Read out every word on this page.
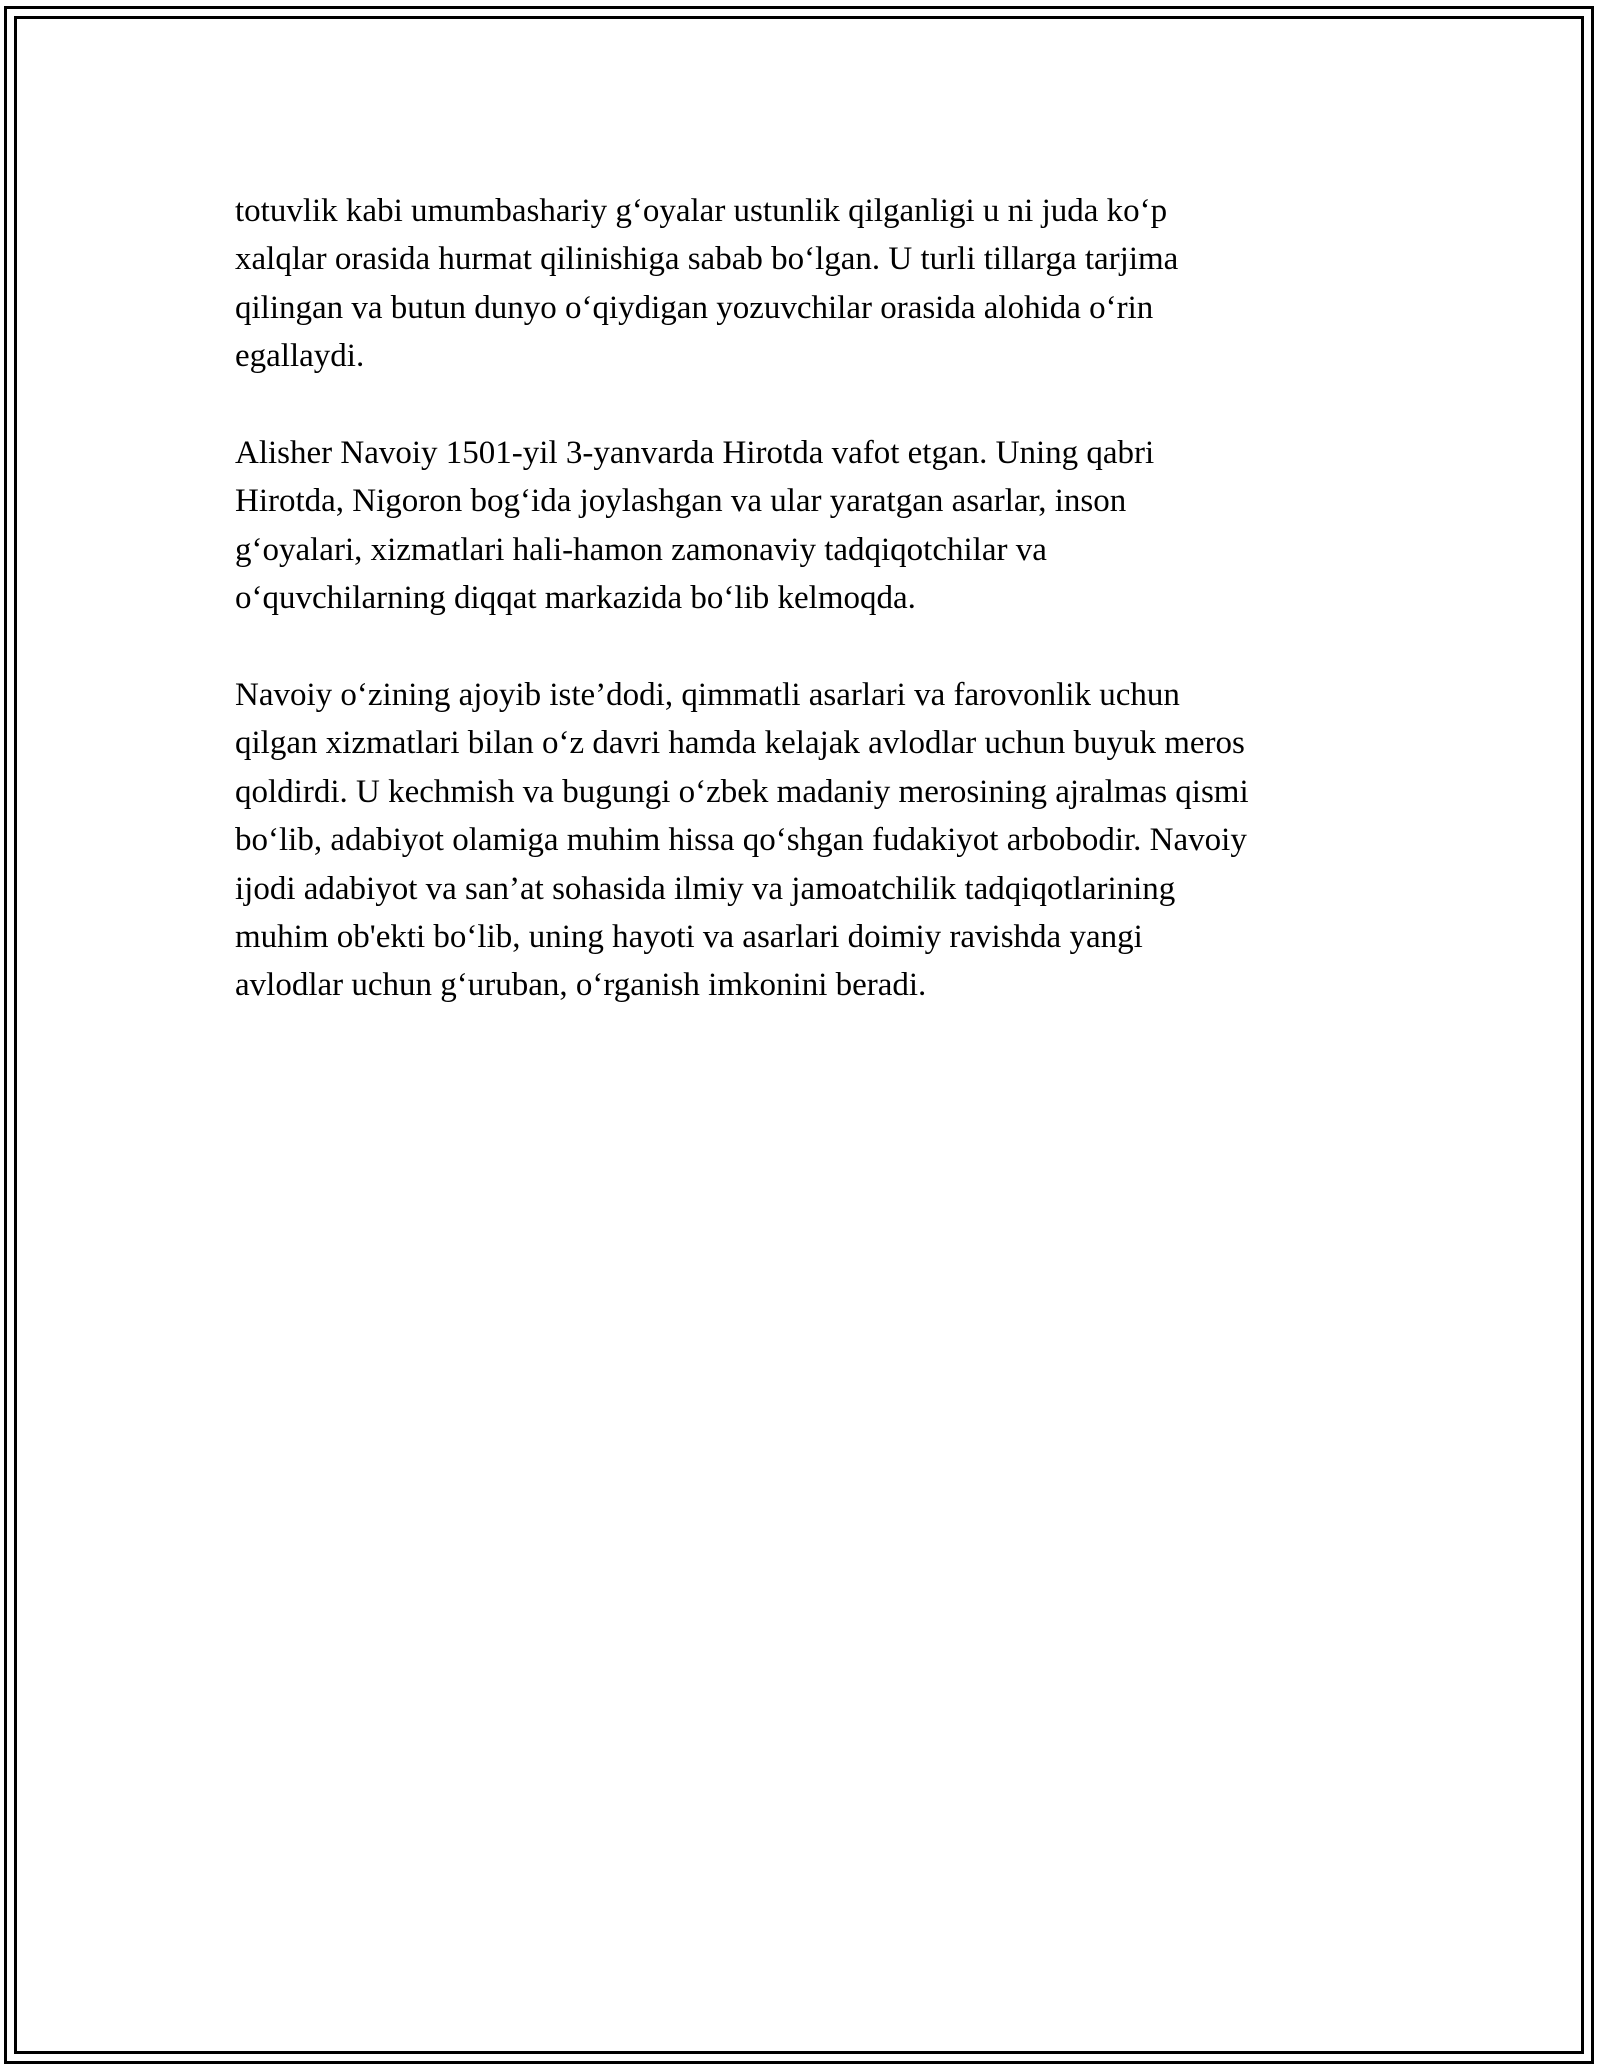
totuvlik kabi umumbashariy g‘oyalar ustunlik qilganligi u ni juda ko‘p
xalqlar orasida hurmat qilinishiga sabab bo‘lgan. U turli tillarga tarjima
qilingan va butun dunyo o‘qiydigan yozuvchilar orasida alohida o‘rin
egallaydi.

Alisher Navoiy 1501-yil 3-yanvarda Hirotda vafot etgan. Uning qabri
Hirotda, Nigoron bog‘ida joylashgan va ular yaratgan asarlar, inson
g‘oyalari, xizmatlari hali-hamon zamonaviy tadqiqotchilar va
o‘quvchilarning diqqat markazida bo‘lib kelmoqda.

Navoiy o‘zining ajoyib iste’dodi, qimmatli asarlari va farovonlik uchun
qilgan xizmatlari bilan o‘z davri hamda kelajak avlodlar uchun buyuk meros
qoldirdi. U kechmish va bugungi o‘zbek madaniy merosining ajralmas qismi
bo‘lib, adabiyot olamiga muhim hissa qo‘shgan fudakiyot arbobodir. Navoiy
ijodi adabiyot va san’at sohasida ilmiy va jamoatchilik tadqiqotlarining
muhim ob'ekti bo‘lib, uning hayoti va asarlari doimiy ravishda yangi
avlodlar uchun g‘uruban, o‘rganish imkonini beradi.
